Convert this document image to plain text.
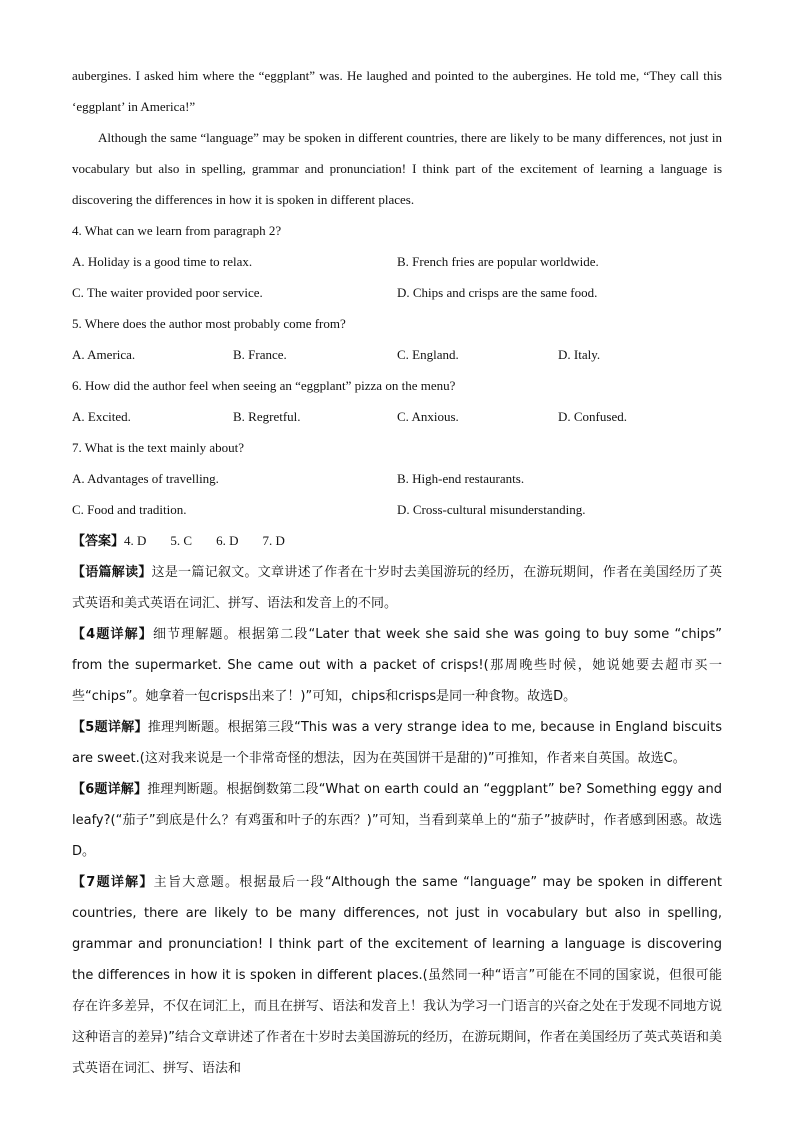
aubergines. I asked him where the “eggplant” was. He laughed and pointed to the aubergines. He told me, “They call this ‘eggplant’ in America!”

Although the same “language” may be spoken in different countries, there are likely to be many differences, not just in vocabulary but also in spelling, grammar and pronunciation! I think part of the excitement of learning a language is discovering the differences in how it is spoken in different places.

4. What can we learn from paragraph 2?

A. Holiday is a good time to relax.	B. French fries are popular worldwide.
C. The waiter provided poor service.	D. Chips and crisps are the same food.

5. Where does the author most probably come from?

A. America.	B. France.	C. England.	D. Italy.

6. How did the author feel when seeing an “eggplant” pizza on the menu?

A. Excited.	B. Regretful.	C. Anxious.	D. Confused.

7. What is the text mainly about?

A. Advantages of travelling.	B. High-end restaurants.
C. Food and tradition.	D. Cross-cultural misunderstanding.
【答案】4. D 5. C 6. D 7. D

【语篇解读】这是一篇记叙文。文章讲述了作者在十岁时去美国游玩的经历，在游玩期间，作者在美国经历了英式英语和美式英语在词汇、拼写、语法和发音上的不同。

【4题详解】细节理解题。根据第二段“Later that week she said she was going to buy some “chips” from the supermarket. She came out with a packet of crisps!(那周晚些时候，她说她要去超市买一些“chips”。她拿着一包crisps出来了！)”可知，chips和crisps是同一种食物。故选D。

【5题详解】推理判断题。根据第三段“This was a very strange idea to me, because in England biscuits are sweet.(这对我来说是一个非常奇怪的想法，因为在英国饼干是甜的)”可推知，作者来自英国。故选C。

【6题详解】推理判断题。根据倒数第二段“What on earth could an “eggplant” be? Something eggy and leafy?(“茄子”到底是什么？有鸡蛋和叶子的东西？)”可知，当看到菜单上的“茄子”披萨时，作者感到困惑。故选D。

【7题详解】主旨大意题。根据最后一段“Although the same “language” may be spoken in different countries, there are likely to be many differences, not just in vocabulary but also in spelling, grammar and pronunciation! I think part of the excitement of learning a language is discovering the differences in how it is spoken in different places.(虽然同一种“语言”可能在不同的国家说，但很可能存在许多差异，不仅在词汇上，而且在拼写、语法和发音上！我认为学习一门语言的兴奋之处在于发现不同地方说这种语言的差异)”结合文章讲述了作者在十岁时去美国游玩的经历，在游玩期间，作者在美国经历了英式英语和美式英语在词汇、拼写、语法和
